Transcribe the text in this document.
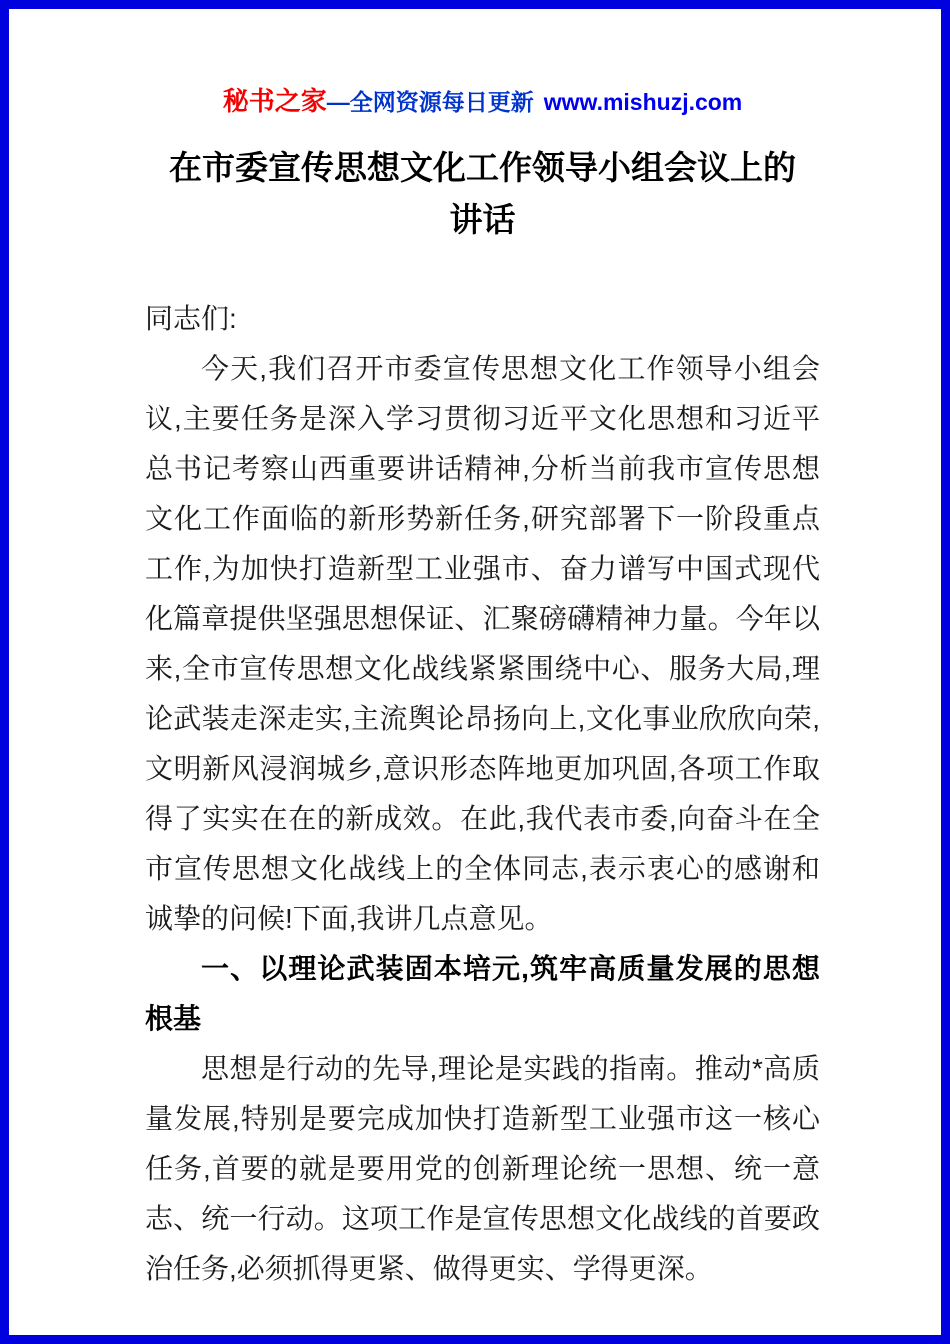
秘书之家—全网资源每日更新 www.mishuzj.com
在市委宣传思想文化工作领导小组会议上的
讲话

同志们:

今天,我们召开市委宣传思想文化工作领导小组会议,主要任务是深入学习贯彻习近平文化思想和习近平总书记考察山西重要讲话精神,分析当前我市宣传思想文化工作面临的新形势新任务,研究部署下一阶段重点工作,为加快打造新型工业强市、奋力谱写中国式现代化篇章提供坚强思想保证、汇聚磅礴精神力量。今年以来,全市宣传思想文化战线紧紧围绕中心、服务大局,理论武装走深走实,主流舆论昂扬向上,文化事业欣欣向荣,文明新风浸润城乡,意识形态阵地更加巩固,各项工作取得了实实在在的新成效。在此,我代表市委,向奋斗在全市宣传思想文化战线上的全体同志,表示衷心的感谢和诚挚的问候!下面,我讲几点意见。

一、以理论武装固本培元,筑牢高质量发展的思想根基

思想是行动的先导,理论是实践的指南。推动*高质量发展,特别是要完成加快打造新型工业强市这一核心任务,首要的就是要用党的创新理论统一思想、统一意志、统一行动。这项工作是宣传思想文化战线的首要政治任务,必须抓得更紧、做得更实、学得更深。
